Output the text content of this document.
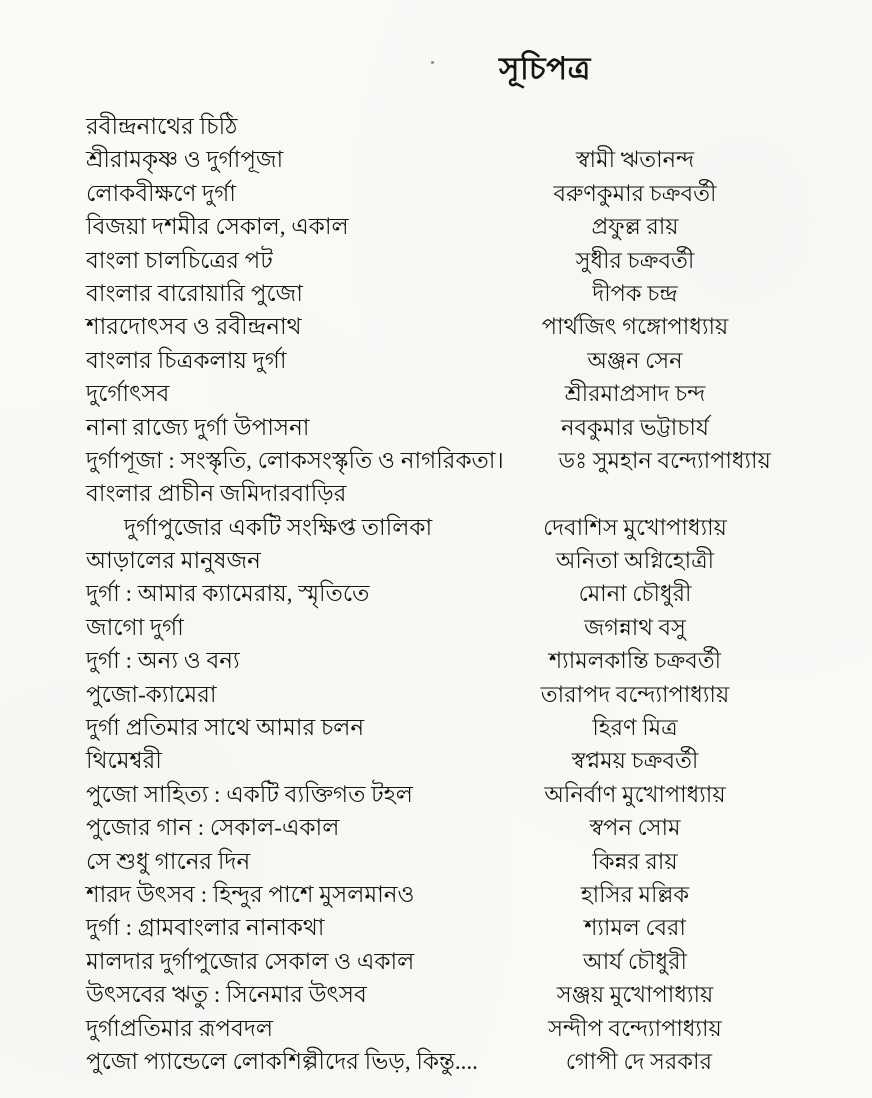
সূচিপত্র
রবীন্দ্রনাথের চিঠি
শ্রীরামকৃষ্ণ ও দুর্গাপূজা	স্বামী ঋতানন্দ
লোকবীক্ষণে দুর্গা	বরুণকুমার চক্রবর্তী
বিজয়া দশমীর সেকাল, একাল	প্রফুল্ল রায়
বাংলা চালচিত্রের পট	সুধীর চক্রবর্তী
বাংলার বারোয়ারি পুজো	দীপক চন্দ্র
শারদোৎসব ও রবীন্দ্রনাথ	পার্থজিৎ গঙ্গোপাধ্যায়
বাংলার চিত্রকলায় দুর্গা	অঞ্জন সেন
দুর্গোৎসব	শ্রীরমাপ্রসাদ চন্দ
নানা রাজ্যে দুর্গা উপাসনা	নবকুমার ভট্টাচার্য
দুর্গাপূজা : সংস্কৃতি, লোকসংস্কৃতি ও নাগরিকতা।	ডঃ সুমহান বন্দ্যোপাধ্যায়
বাংলার প্রাচীন জমিদারবাড়ির
দুর্গাপুজোর একটি সংক্ষিপ্ত তালিকা	দেবাশিস মুখোপাধ্যায়
আড়ালের মানুষজন	অনিতা অগ্নিহোত্রী
দুর্গা : আমার ক্যামেরায়, স্মৃতিতে	মোনা চৌধুরী
জাগো দুর্গা	জগন্নাথ বসু
দুর্গা : অন্য ও বন্য	শ্যামলকান্তি চক্রবর্তী
পুজো-ক্যামেরা	তারাপদ বন্দ্যোপাধ্যায়
দুর্গা প্রতিমার সাথে আমার চলন	হিরণ মিত্র
থিমেশ্বরী	স্বপ্নময় চক্রবর্তী
পুজো সাহিত্য : একটি ব্যক্তিগত টহল	অনির্বাণ মুখোপাধ্যায়
পুজোর গান : সেকাল-একাল	স্বপন সোম
সে শুধু গানের দিন	কিন্নর রায়
শারদ উৎসব : হিন্দুর পাশে মুসলমানও	হাসির মল্লিক
দুর্গা : গ্রামবাংলার নানাকথা	শ্যামল বেরা
মালদার দুর্গাপুজোর সেকাল ও একাল	আর্য চৌধুরী
উৎসবের ঋতু : সিনেমার উৎসব	সঞ্জয় মুখোপাধ্যায়
দুর্গাপ্রতিমার রূপবদল	সন্দীপ বন্দ্যোপাধ্যায়
পুজো প্যান্ডেলে লোকশিল্পীদের ভিড়, কিন্তু....	গোপী দে সরকার
